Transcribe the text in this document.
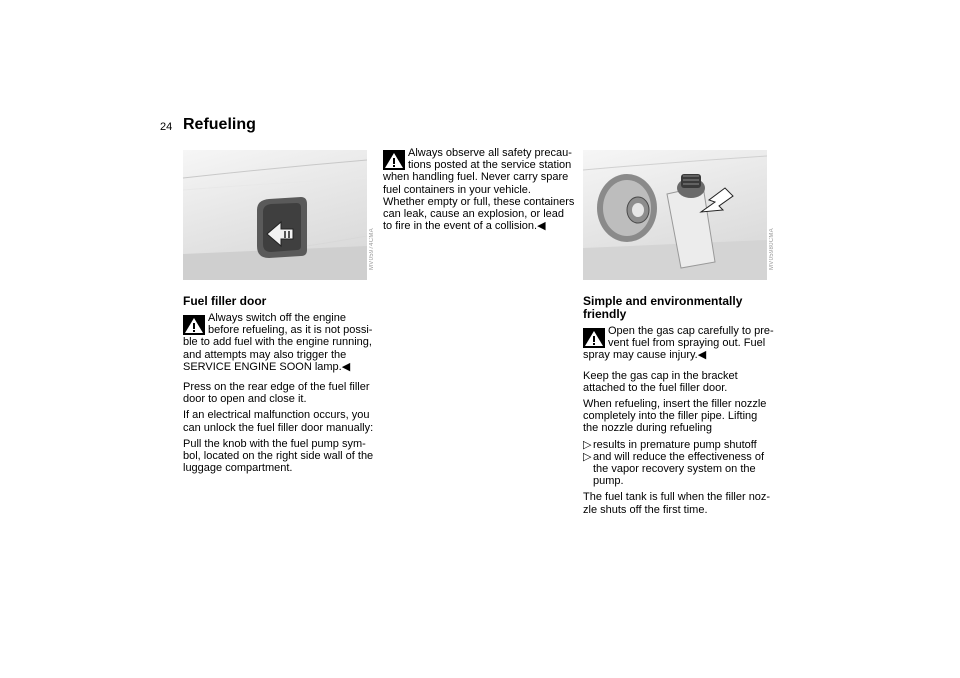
24 Refueling
MV05974CMA	MV05980CMA
Fuel filler door
Always switch off the engine
before refueling, as it is not possi-
ble to add fuel with the engine running, and attempts may also trigger the SERVICE ENGINE SOON lamp.◀

Press on the rear edge of the fuel filler door to open and close it.

If an electrical malfunction occurs, you can unlock the fuel filler door manually:

Pull the knob with the fuel pump sym-bol, located on the right side wall of the luggage compartment.

Always observe all safety precau-
tions posted at the service station
when handling fuel. Never carry spare fuel containers in your vehicle. Whether empty or full, these containers can leak, cause an explosion, or lead to fire in the event of a collision.◀
Simple and environmentally friendly
Open the gas cap carefully to pre-
vent fuel from spraying out. Fuel
spray may cause injury.◀

Keep the gas cap in the bracket attached to the fuel filler door.

When refueling, insert the filler nozzle completely into the filler pipe. Lifting the nozzle during refueling

▷ results in premature pump shutoff
▷ and will reduce the effectiveness of the vapor recovery system on the pump.

The fuel tank is full when the filler noz-zle shuts off the first time.
